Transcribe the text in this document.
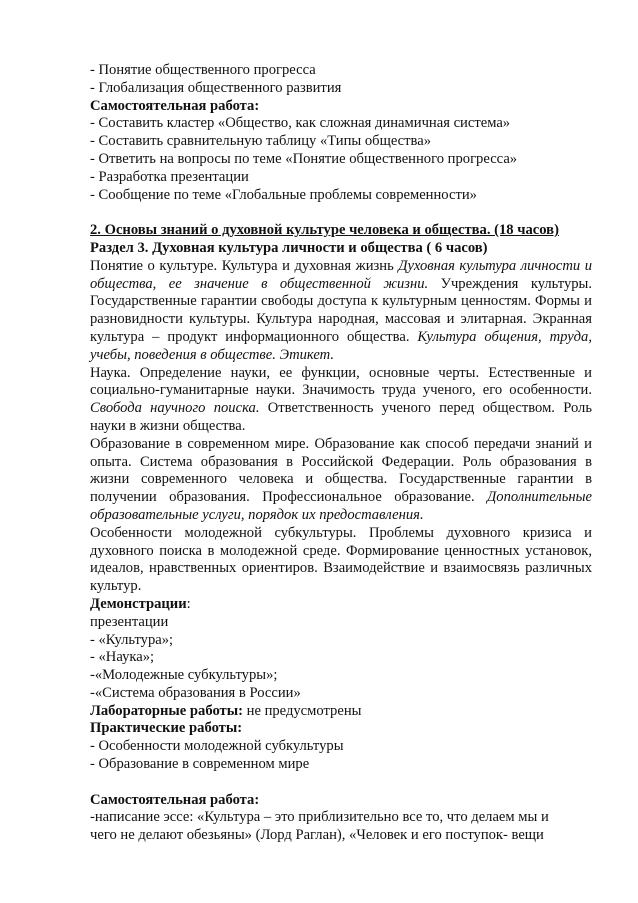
- Понятие общественного прогресса
- Глобализация общественного развития
Самостоятельная работа:
- Составить кластер «Общество, как сложная динамичная система»
- Составить сравнительную таблицу «Типы общества»
- Ответить на вопросы по теме «Понятие общественного прогресса»
- Разработка презентации
- Сообщение по теме «Глобальные проблемы современности»
2. Основы знаний о духовной культуре человека и общества. (18 часов)
Раздел 3. Духовная культура личности и общества ( 6 часов)
Понятие о культуре. Культура и духовная жизнь Духовная культура личности и общества, ее значение в общественной жизни. Учреждения культуры. Государственные гарантии свободы доступа к культурным ценностям. Формы и разновидности культуры. Культура народная, массовая и элитарная. Экранная культура – продукт информационного общества. Культура общения, труда, учебы, поведения в обществе. Этикет.
Наука. Определение науки, ее функции, основные черты. Естественные и социально-гуманитарные науки. Значимость труда ученого, его особенности. Свобода научного поиска. Ответственность ученого перед обществом. Роль науки в жизни общества.
Образование в современном мире. Образование как способ передачи знаний и опыта. Система образования в Российской Федерации. Роль образования в жизни современного человека и общества. Государственные гарантии в получении образования. Профессиональное образование. Дополнительные образовательные услуги, порядок их предоставления.
Особенности молодежной субкультуры. Проблемы духовного кризиса и духовного поиска в молодежной среде. Формирование ценностных установок, идеалов, нравственных ориентиров. Взаимодействие и взаимосвязь различных культур.
Демонстрации:
презентации
- «Культура»;
- «Наука»;
-«Молодежные субкультуры»;
-«Система образования в России»
Лабораторные работы: не предусмотрены
Практические работы:
- Особенности молодежной субкультуры
- Образование в современном мире
Самостоятельная работа:
-написание эссе: «Культура – это приблизительно все то, что делаем мы и
чего не делают обезьяны» (Лорд Раглан), «Человек и его поступок- вещи
